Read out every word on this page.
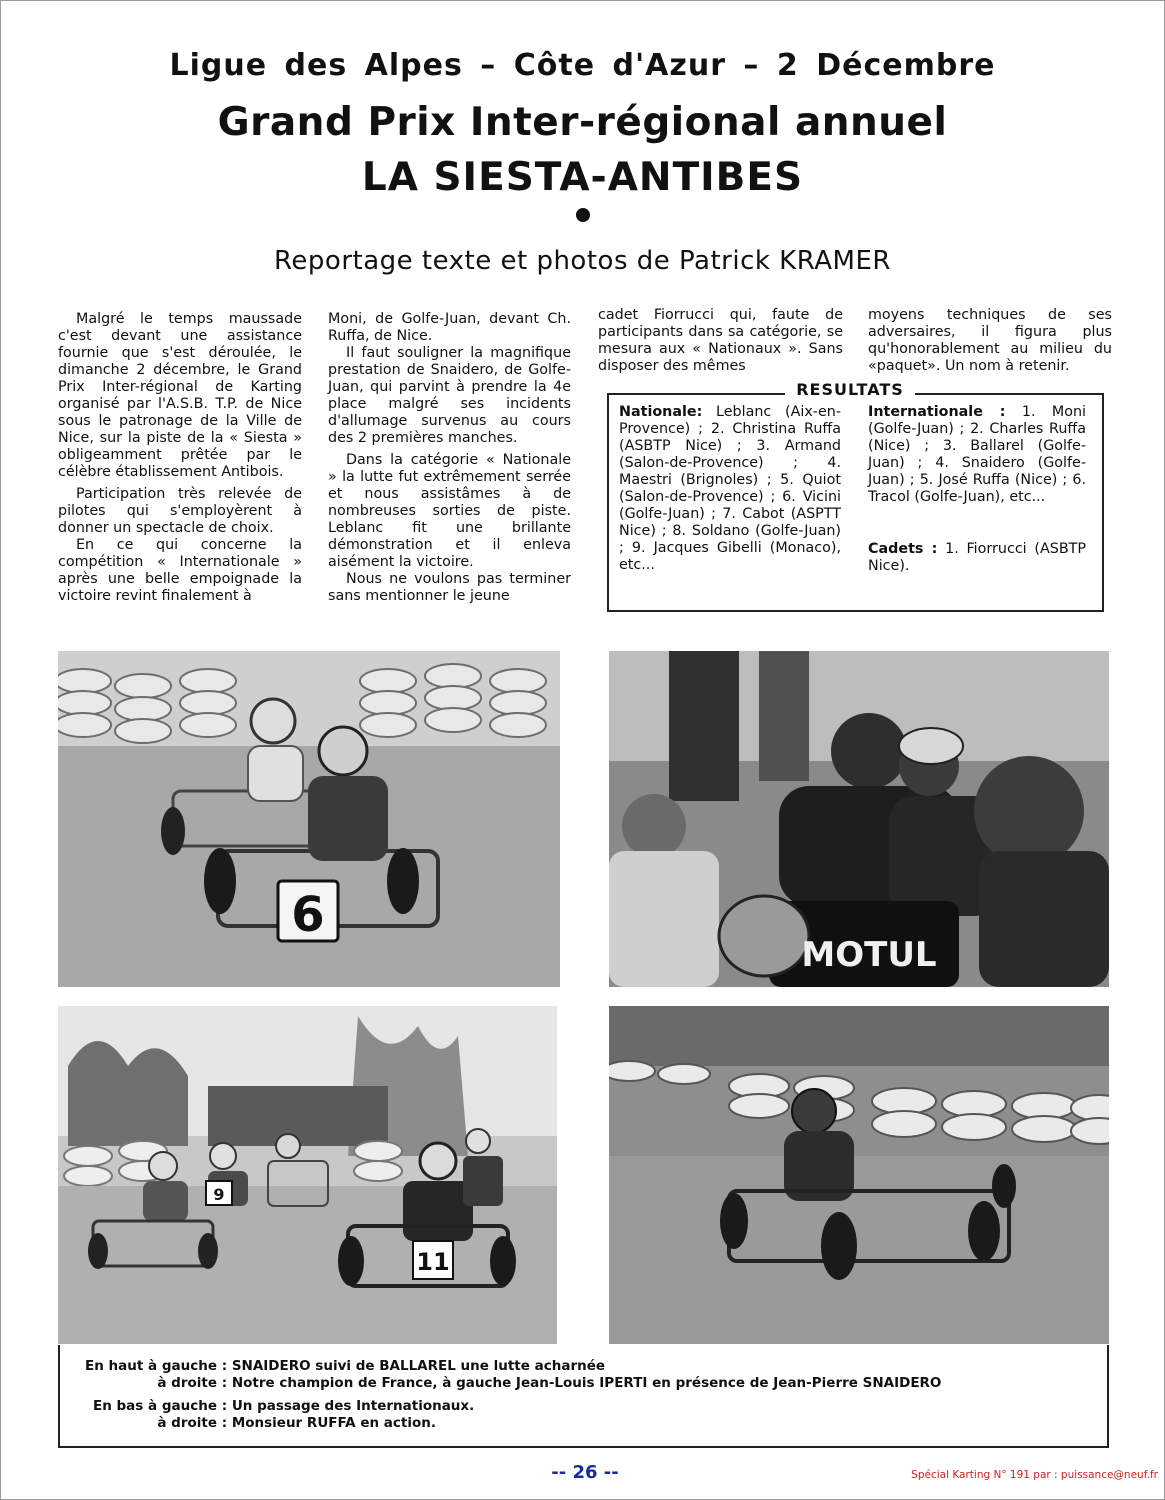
Ligue des Alpes – Côte d'Azur – 2 Décembre
Grand Prix Inter-régional annuel
LA SIESTA-ANTIBES
Reportage texte et photos de Patrick KRAMER

Malgré le temps maussade c'est devant une assistance fournie que s'est déroulée, le dimanche 2 décembre, le Grand Prix Inter-régional de Karting organisé par l'A.S.B. T.P. de Nice sous le patronage de la Ville de Nice, sur la piste de la « Siesta » obligeamment prêtée par le célèbre établissement Antibois.

Participation très relevée de pilotes qui s'employèrent à donner un spectacle de choix.

En ce qui concerne la compétition « Internationale » après une belle empoignade la victoire revint finalement à

Moni, de Golfe-Juan, devant Ch. Ruffa, de Nice.

Il faut souligner la magnifique prestation de Snaidero, de Golfe-Juan, qui parvint à prendre la 4e place malgré ses incidents d'allumage survenus au cours des 2 premières manches.

Dans la catégorie « Nationale » la lutte fut extrêmement serrée et nous assistâmes à de nombreuses sorties de piste. Leblanc fit une brillante démonstration et il enleva aisément la victoire.

Nous ne voulons pas terminer sans mentionner le jeune

cadet Fiorrucci qui, faute de participants dans sa catégorie, se mesura aux « Nationaux ». Sans disposer des mêmes

moyens techniques de ses adversaires, il figura plus qu'honorablement au milieu du «paquet». Un nom à retenir.

RESULTATS
Nationale: Leblanc (Aix-en-Provence) ; 2. Christina Ruffa (ASBTP Nice) ; 3. Armand (Salon-de-Provence) ; 4. Maestri (Brignoles) ; 5. Quiot (Salon-de-Provence) ; 6. Vicini (Golfe-Juan) ; 7. Cabot (ASPTT Nice) ; 8. Soldano (Golfe-Juan) ; 9. Jacques Gibelli (Monaco), etc...
Internationale : 1. Moni (Golfe-Juan) ; 2. Charles Ruffa (Nice) ; 3. Ballarel (Golfe-Juan) ; 4. Snaidero (Golfe-Juan) ; 5. José Ruffa (Nice) ; 6. Tracol (Golfe-Juan), etc...
Cadets : 1. Fiorrucci (ASBTP Nice).
6
MOTUL
9
11
En haut à gauche : SNAIDERO suivi de BALLAREL une lutte acharnée
à droite : Notre champion de France, à gauche Jean-Louis IPERTI en présence de Jean-Pierre SNAIDERO
En bas à gauche : Un passage des Internationaux.
à droite : Monsieur RUFFA en action.
-- 26 --	Spécial Karting N° 191 par : puissance@neuf.fr
